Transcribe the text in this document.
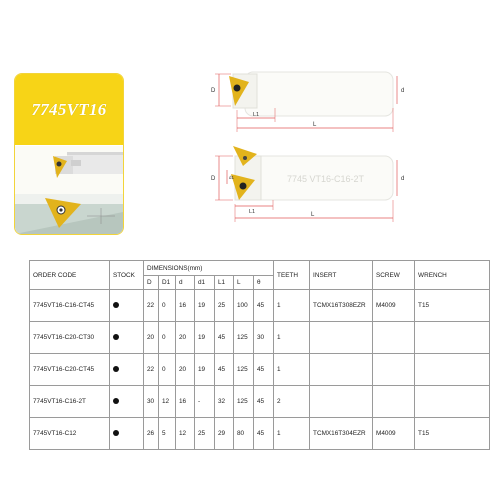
7745VT16
D	d
L1
L
7745 VT16-C16-2T
D	d1	d
L1	L
ORDER CODE	STOCK	DIMENSIONS(mm)							TEETH	INSERT	SCREW	WRENCH
		D	D1	d	d1	L1	L	θ				
7745VT16-C16-CT45		22	0	16	19	25	100	45	1	TCMX16T308EZR	M4009	T15
7745VT16-C20-CT30		20	0	20	19	45	125	30	1			
7745VT16-C20-CT45		22	0	20	19	45	125	45	1			
7745VT16-C16-2T		30	12	16	-	32	125	45	2			
7745VT16-C12		26	5	12	25	29	80	45	1	TCMX16T304EZR	M4009	T15
